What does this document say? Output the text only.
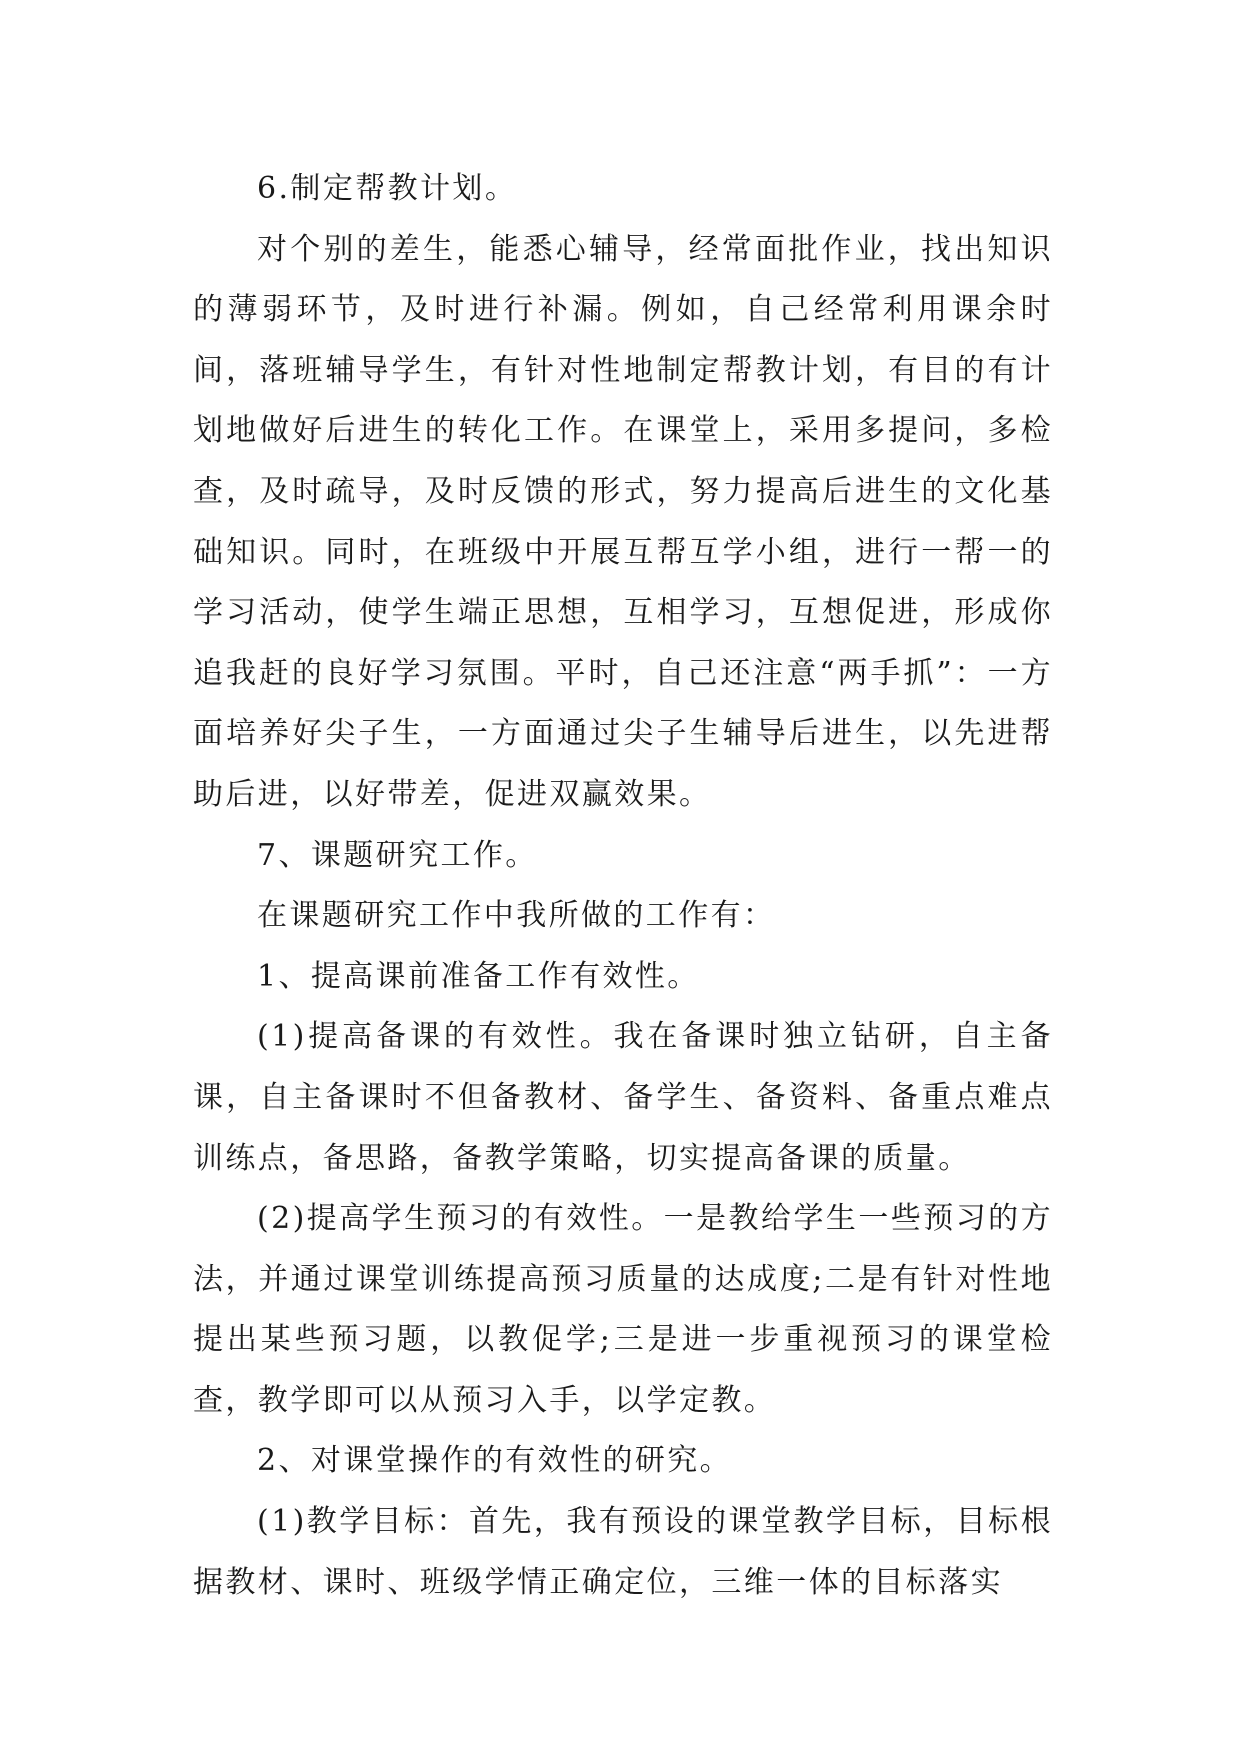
6.制定帮教计划。

对个别的差生，能悉心辅导，经常面批作业，找出知识的薄弱环节，及时进行补漏。例如，自己经常利用课余时间，落班辅导学生，有针对性地制定帮教计划，有目的有计划地做好后进生的转化工作。在课堂上，采用多提问，多检查，及时疏导，及时反馈的形式，努力提高后进生的文化基础知识。同时，在班级中开展互帮互学小组，进行一帮一的学习活动，使学生端正思想，互相学习，互想促进，形成你追我赶的良好学习氛围。平时，自己还注意“两手抓”：一方面培养好尖子生，一方面通过尖子生辅导后进生，以先进帮助后进，以好带差，促进双赢效果。

7、课题研究工作。

在课题研究工作中我所做的工作有：

1、提高课前准备工作有效性。

(1)提高备课的有效性。我在备课时独立钻研，自主备课，自主备课时不但备教材、备学生、备资料、备重点难点训练点，备思路，备教学策略，切实提高备课的质量。

(2)提高学生预习的有效性。一是教给学生一些预习的方法，并通过课堂训练提高预习质量的达成度;二是有针对性地提出某些预习题，以教促学;三是进一步重视预习的课堂检查，教学即可以从预习入手，以学定教。

2、对课堂操作的有效性的研究。

(1)教学目标：首先，我有预设的课堂教学目标，目标根据教材、课时、班级学情正确定位，三维一体的目标落实
